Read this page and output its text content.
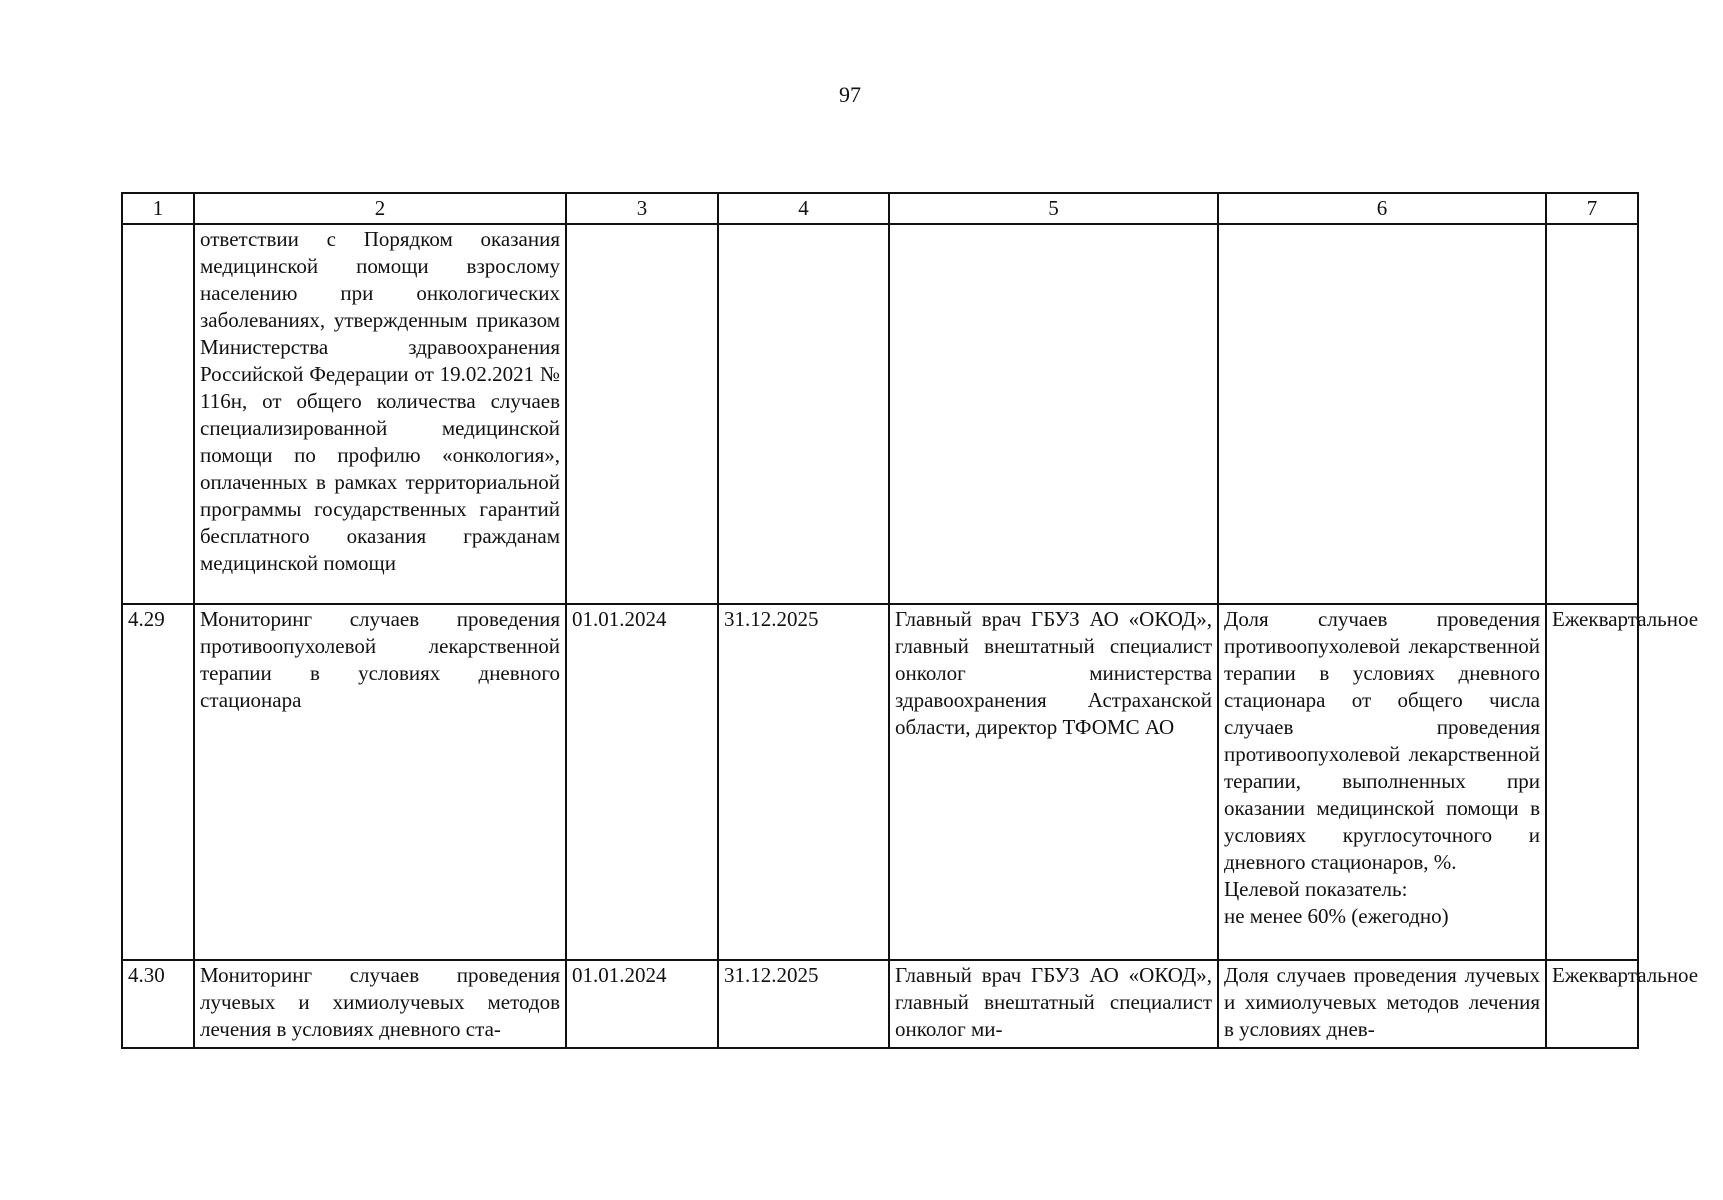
97
1	2	3	4	5	6	7
	ответствии с Порядком оказания медицинской помощи взрослому населению при онкологических заболеваниях, утвержденным приказом Министерства здравоохранения Российской Федерации от 19.02.2021 № 116н, от общего количества случаев специализированной медицинской помощи по профилю «онкология», оплаченных в рамках территориальной программы государственных гарантий бесплатного оказания гражданам медицинской помощи					
4.29	Мониторинг случаев проведения противоопухолевой лекарственной терапии в условиях дневного стационара	01.01.2024	31.12.2025	Главный врач ГБУЗ АО «ОКОД», главный внештатный специалист онколог министерства здравоохранения Астраханской области, директор ТФОМС АО	Доля случаев проведения противоопухолевой лекарственной терапии в условиях дневного стационара от общего числа случаев проведения противоопухолевой лекарственной терапии, выполненных при оказании медицинской помощи в условиях круглосуточного и дневного стационаров, %.
Целевой показатель:
не менее 60% (ежегодно)	Ежеквартальное
4.30	Мониторинг случаев проведения лучевых и химиолучевых методов лечения в условиях дневного ста-	01.01.2024	31.12.2025	Главный врач ГБУЗ АО «ОКОД», главный внештатный специалист онколог ми-	Доля случаев проведения лучевых и химиолучевых методов лечения в условиях днев-	Ежеквартальное
